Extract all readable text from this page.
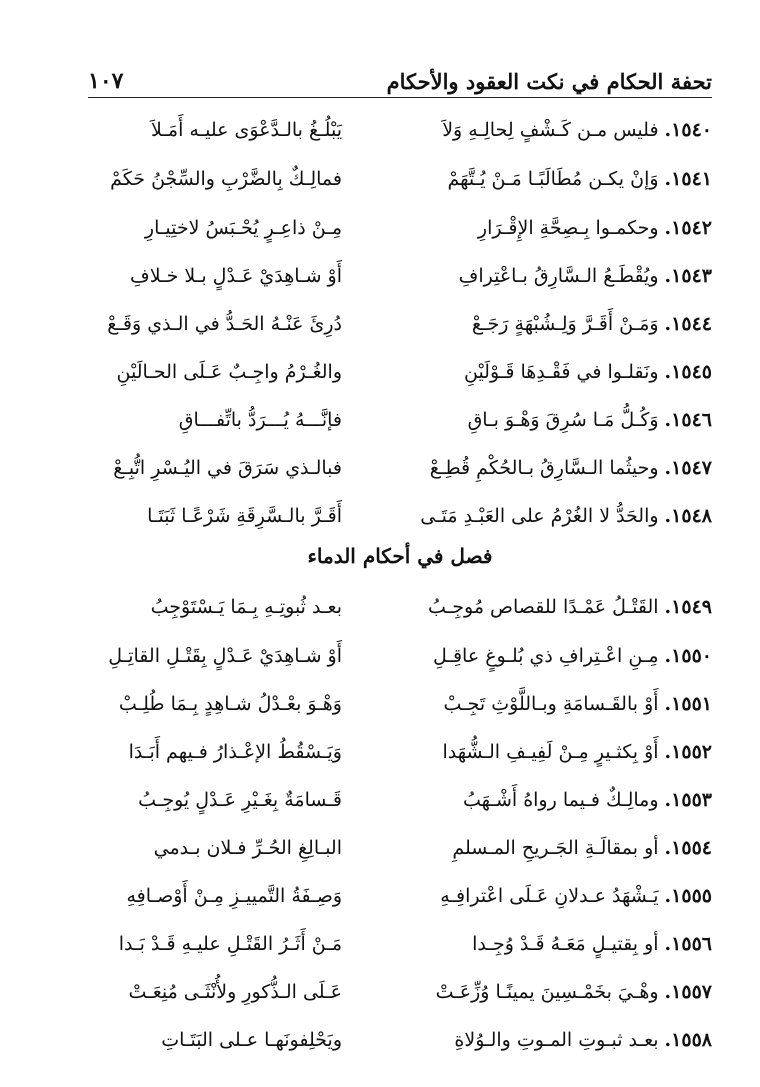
١٠٧	تحفة الحكام في نكت العقود والأحكام
١٥٤٠.
فليس مـن كَـشْفٍ لِحالِـهِ وَلاَ
يَبْلُـغُ بالـدَّعْوَى عليـه أَمَـلاَ
١٥٤١.
وَإنْ يكـن مُطَالَبًـا مَـنْ يُـتَّهَمْ
فمالِـكٌ بِالضَّرْبِ والسِّجْنُ حَكَمْ
١٥٤٢.
وحكمـوا بِـصِحَّةِ الإِقْـرَارِ
مِـنْ ذاعِـرٍ يُحْـبَسُ لاختِيـارِ
١٥٤٣.
ويُقْطَـعُ الـسَّارِقُ بـاعْتِرافِ
أَوْ شـاهِدَيْ عَـدْلٍ بـلا خـلافِ
١٥٤٤.
وَمَـنْ أَقَـرَّ وَلِـشُبْهَةٍ رَجَـعْ
دُرِئَ عَنْـهُ الحَـدُّ في الـذي وَقَـعْ
١٥٤٥.
ونَقلـوا في فَقْـدِهَا قَـوْلَيْنِ
والغُـرْمُ واجِـبٌ عَـلَى الحـالَيْنِ
١٥٤٦.
وَكُـلُّ مَـا سُرِقَ وَهْـوَ بـاقِ
فإنَّـــهُ يُـــرَدُّ باتِّفـــاقِ
١٥٤٧.
وحيثُما الـسَّارِقُ بـالحُكْمِ قُطِـعْ
فبالـذي سَرَقَ في اليُـسْرِ اتُّبِـعْ
١٥٤٨.
والحَدُّ لا الغُرْمُ على العَبْـدِ مَتَـى
أَقَـرَّ بالـسَّرِقَةِ شَرْعًـا ثَبَتَـا
فصل في أحكام الدماء
١٥٤٩.
القَتْـلُ عَمْـدًا للقصاص مُوجِـبُ
بعـد ثُبوتِـهِ بِـمَا يَـسْتَوْجِبُ
١٥٥٠.
مِـنِ اعْـتِرافِ ذي بُلـوغٍ عاقِـلِ
أَوْ شـاهِدَيْ عَـدْلٍ بِقَتْـلِ القاتِـلِ
١٥٥١.
أَوْ بالقَـسامَةِ وبـاللَّوْثِ تَجِـبْ
وَهْـوَ بعْـدْلُ شـاهِدٍ بِـمَا طُلِـبْ
١٥٥٢.
أَوْ بِكثـيرٍ مِـنْ لَفِيـفِ الـشُّهَدا
وَيَـسْقُطُ الإعْـذارُ فـيهم أَبَـدَا
١٥٥٣.
ومالِـكٌ فـيما رواهُ أَشْـهَبُ
قَـسامَةٌ بِغَـيْرِ عَـدْلٍ يُوجِـبُ
١٥٥٤.
أو بمقالَـةِ الجَـريحِ المـسلمِ
البـالِغِ الحُـرِّ فـلان بـدمي
١٥٥٥.
يَـشْهَدُ عـدلانِ عَـلَى اعْترافِـهِ
وَصِـفَةُ التَّمييـزِ مِـنْ أَوْصـافِهِ
١٥٥٦.
أو بِقتيـلٍ مَعَـهُ قَـدْ وُجِـدا
مَـنْ أَثَـرُ القَتْـلِ عليـهِ قَـدْ بَـدا
١٥٥٧.
وهْـيَ بخَمْـسِينَ يمينًـا وُزِّعَـتْ
عَـلَى الـذُّكورِ ولأُنْثَـى مُنِعَـتْ
١٥٥٨.
بعـد ثبـوتِ المـوتِ والـوُلاةِ
ويَحْلِفونَهـا عـلى البَتَـاتِ
